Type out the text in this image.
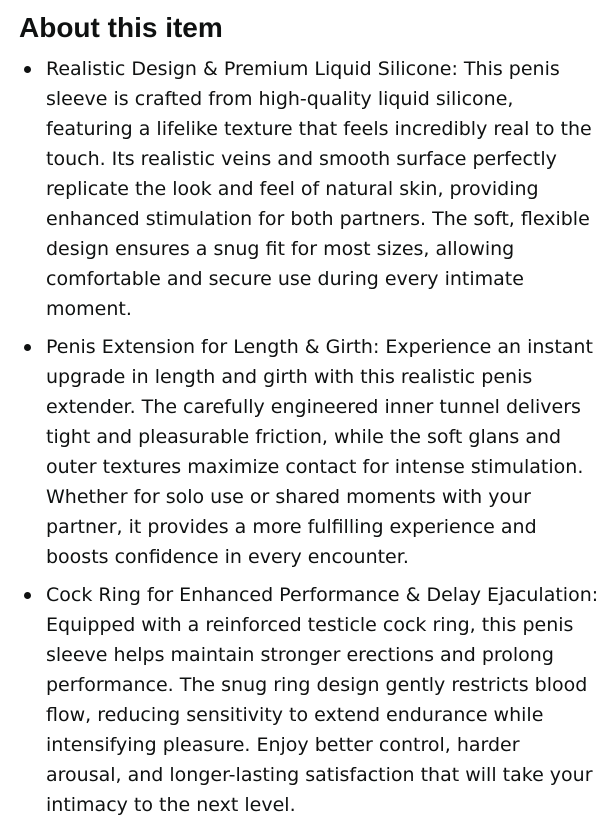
About this item
Realistic Design & Premium Liquid Silicone: This penis sleeve is crafted from high-quality liquid silicone, featuring a lifelike texture that feels incredibly real to the touch. Its realistic veins and smooth surface perfectly replicate the look and feel of natural skin, providing enhanced stimulation for both partners. The soft, flexible design ensures a snug fit for most sizes, allowing comfortable and secure use during every intimate moment.
Penis Extension for Length & Girth: Experience an instant upgrade in length and girth with this realistic penis extender. The carefully engineered inner tunnel delivers tight and pleasurable friction, while the soft glans and outer textures maximize contact for intense stimulation. Whether for solo use or shared moments with your partner, it provides a more fulfilling experience and boosts confidence in every encounter.
Cock Ring for Enhanced Performance & Delay Ejaculation: Equipped with a reinforced testicle cock ring, this penis sleeve helps maintain stronger erections and prolong performance. The snug ring design gently restricts blood flow, reducing sensitivity to extend endurance while intensifying pleasure. Enjoy better control, harder arousal, and longer-lasting satisfaction that will take your intimacy to the next level.
